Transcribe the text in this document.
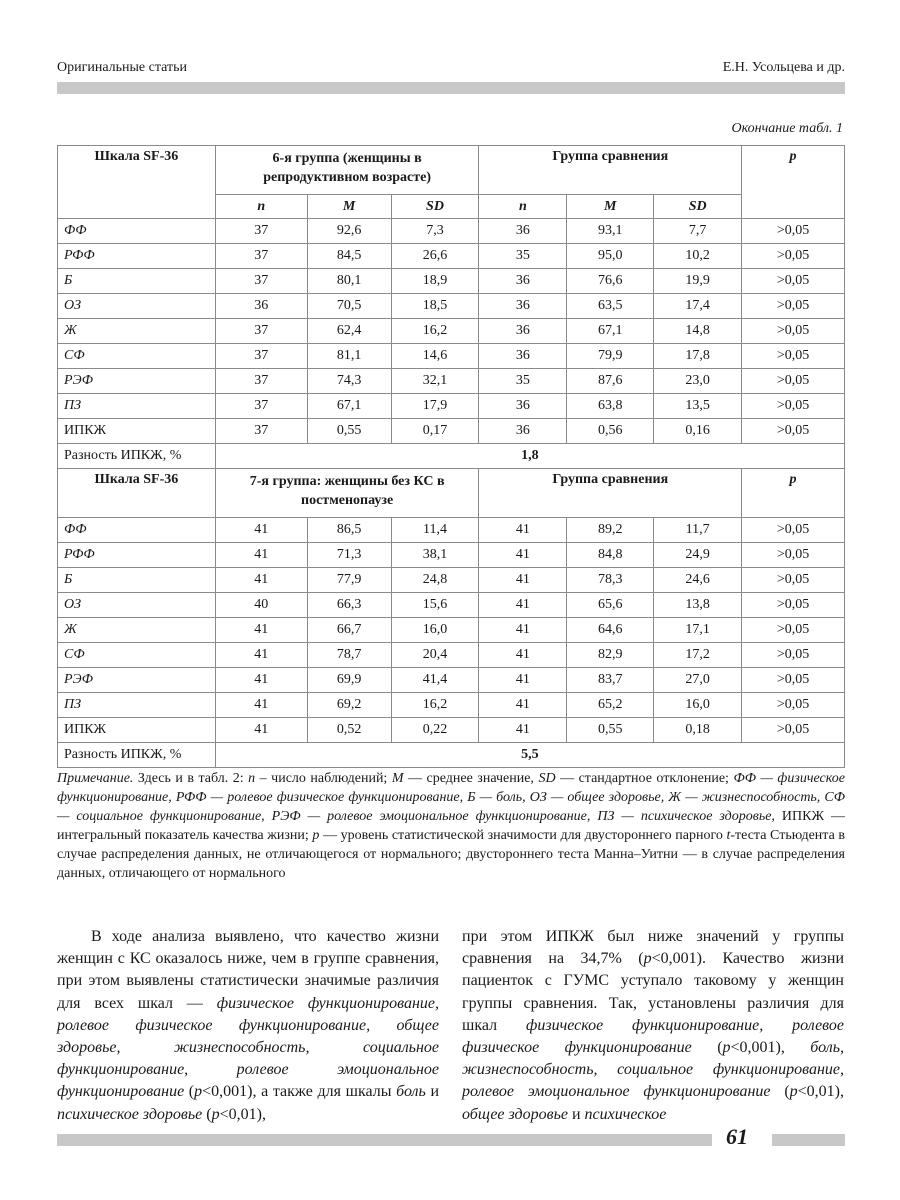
Оригинальные статьи	Е.Н. Усольцева и др.
Окончание табл. 1
Шкала SF-36	6-я группа (женщины в репродуктивном возрасте)			Группа сравнения			p
	n	M	SD	n	M	SD	
ФФ	37	92,6	7,3	36	93,1	7,7	>0,05
РФФ	37	84,5	26,6	35	95,0	10,2	>0,05
Б	37	80,1	18,9	36	76,6	19,9	>0,05
ОЗ	36	70,5	18,5	36	63,5	17,4	>0,05
Ж	37	62,4	16,2	36	67,1	14,8	>0,05
СФ	37	81,1	14,6	36	79,9	17,8	>0,05
РЭФ	37	74,3	32,1	35	87,6	23,0	>0,05
ПЗ	37	67,1	17,9	36	63,8	13,5	>0,05
ИПКЖ	37	0,55	0,17	36	0,56	0,16	>0,05
Разность ИПКЖ, %	1,8						
Шкала SF-36	7-я группа: женщины без КС в постменопаузе			Группа сравнения			p
ФФ	41	86,5	11,4	41	89,2	11,7	>0,05
РФФ	41	71,3	38,1	41	84,8	24,9	>0,05
Б	41	77,9	24,8	41	78,3	24,6	>0,05
ОЗ	40	66,3	15,6	41	65,6	13,8	>0,05
Ж	41	66,7	16,0	41	64,6	17,1	>0,05
СФ	41	78,7	20,4	41	82,9	17,2	>0,05
РЭФ	41	69,9	41,4	41	83,7	27,0	>0,05
ПЗ	41	69,2	16,2	41	65,2	16,0	>0,05
ИПКЖ	41	0,52	0,22	41	0,55	0,18	>0,05
Разность ИПКЖ, %	5,5						
Примечание. Здесь и в табл. 2: n – число наблюдений; M — среднее значение, SD — стандартное отклонение; ФФ — физическое функционирование, РФФ — ролевое физическое функционирование, Б — боль, ОЗ — общее здоровье, Ж — жизнеспособность, СФ — социальное функционирование, РЭФ — ролевое эмоциональное функционирование, ПЗ — психическое здоровье, ИПКЖ — интегральный показатель качества жизни; p — уровень статистической значимости для двустороннего парного t-теста Стьюдента в случае распределения данных, не отличающегося от нормального; двустороннего теста Манна–Уитни — в случае распределения данных, отличающего от нормального
В ходе анализа выявлено, что качество жизни женщин с КС оказалось ниже, чем в группе сравнения, при этом выявлены статистически значимые различия для всех шкал — физическое функционирование, ролевое физическое функционирование, общее здоровье, жизнеспособность, социальное функционирование, ролевое эмоциональное функционирование (p<0,001), а также для шкалы боль и психическое здоровье (p<0,01),
при этом ИПКЖ был ниже значений у группы сравнения на 34,7% (p<0,001). Качество жизни пациенток с ГУМС уступало таковому у женщин группы сравнения. Так, установлены различия для шкал физическое функционирование, ролевое физическое функционирование (p<0,001), боль, жизнеспособность, социальное функционирование, ролевое эмоциональное функционирование (p<0,01), общее здоровье и психическое
61
